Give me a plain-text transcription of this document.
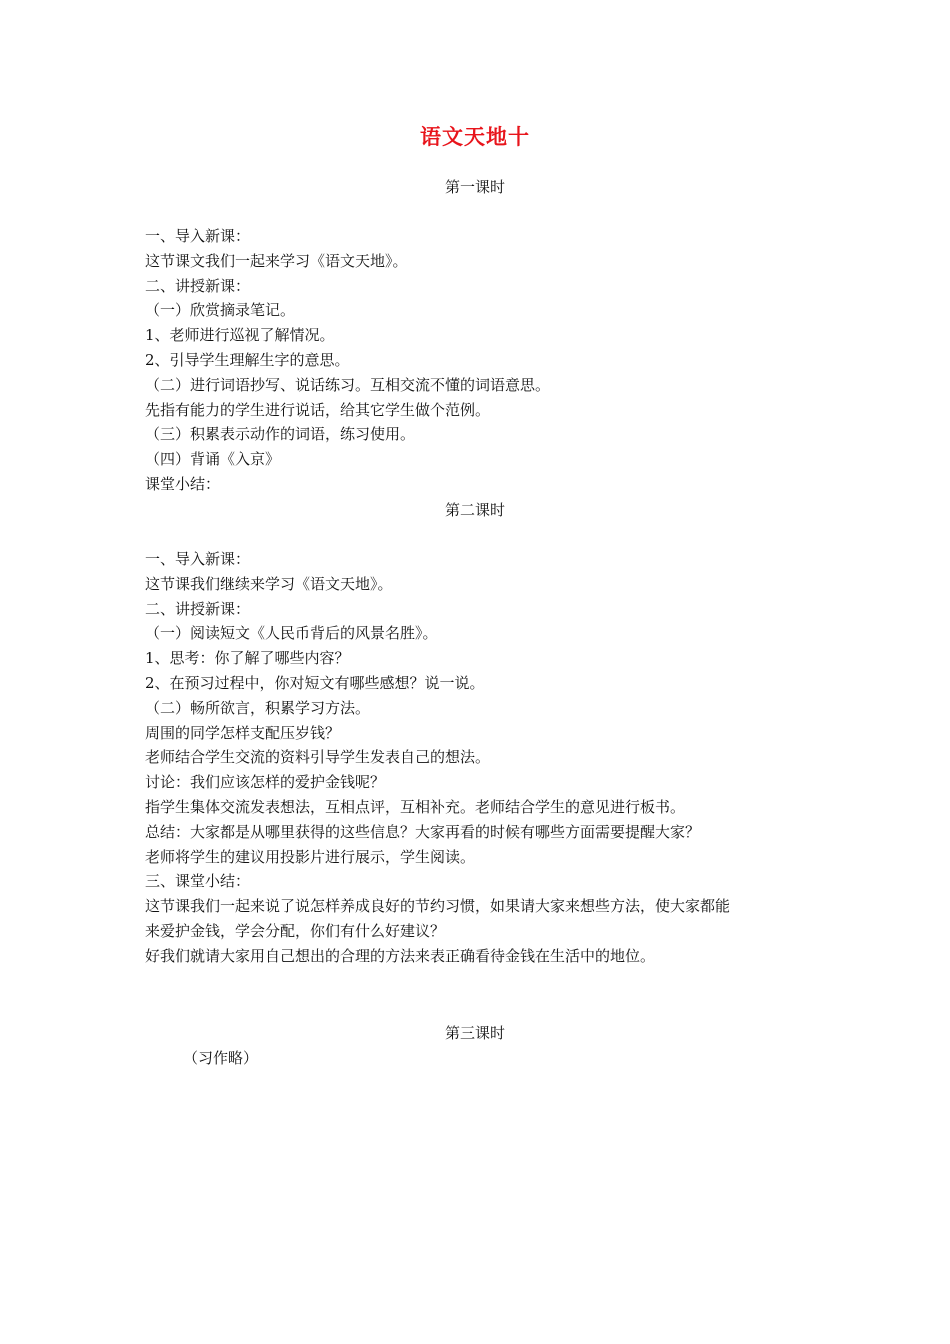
语文天地十
第一课时
一、导入新课：
这节课文我们一起来学习《语文天地》。
二、讲授新课：
（一）欣赏摘录笔记。
1、老师进行巡视了解情况。
2、引导学生理解生字的意思。
（二）进行词语抄写、说话练习。互相交流不懂的词语意思。
先指有能力的学生进行说话，给其它学生做个范例。
（三）积累表示动作的词语，练习使用。
（四）背诵《入京》
课堂小结：
第二课时
一、导入新课：
这节课我们继续来学习《语文天地》。
二、讲授新课：
（一）阅读短文《人民币背后的风景名胜》。
1、思考：你了解了哪些内容？
2、在预习过程中，你对短文有哪些感想？说一说。
（二）畅所欲言，积累学习方法。
周围的同学怎样支配压岁钱？
老师结合学生交流的资料引导学生发表自己的想法。
讨论：我们应该怎样的爱护金钱呢？
指学生集体交流发表想法，互相点评，互相补充。老师结合学生的意见进行板书。
总结：大家都是从哪里获得的这些信息？大家再看的时候有哪些方面需要提醒大家？
老师将学生的建议用投影片进行展示，学生阅读。
三、课堂小结：
这节课我们一起来说了说怎样养成良好的节约习惯，如果请大家来想些方法，使大家都能
来爱护金钱，学会分配，你们有什么好建议？
好我们就请大家用自己想出的合理的方法来表正确看待金钱在生活中的地位。
第三课时
（习作略）
